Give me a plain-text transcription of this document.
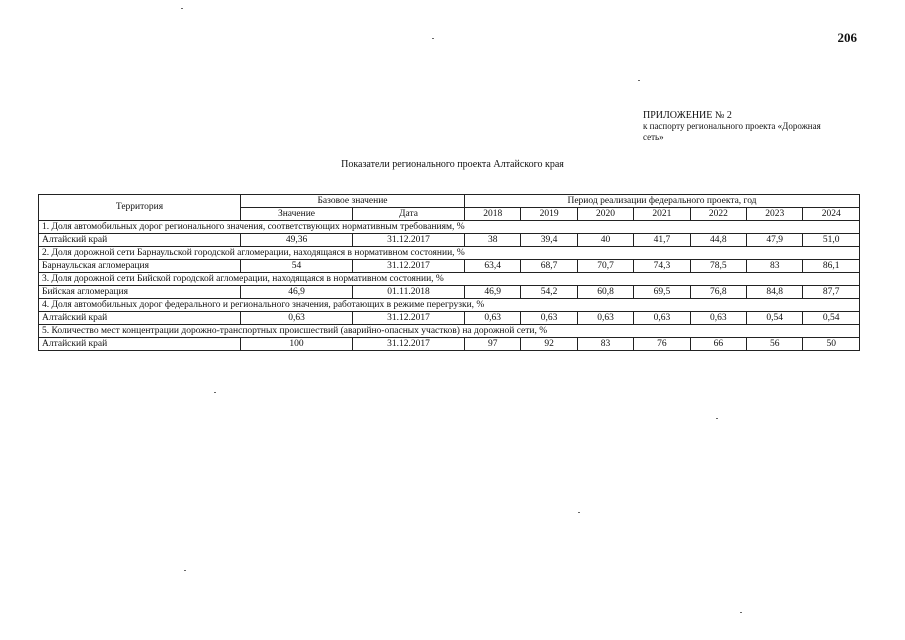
206
ПРИЛОЖЕНИЕ № 2
к паспорту регионального проекта «Дорожная
сеть»
Показатели регионального проекта Алтайского края
Территория	Базовое значение		Период реализации федерального проекта, год						
	Значение	Дата	2018	2019	2020	2021	2022	2023	2024
1. Доля автомобильных дорог регионального значения, соответствующих нормативным требованиям, %									
Алтайский край	49,36	31.12.2017	38	39,4	40	41,7	44,8	47,9	51,0
2. Доля дорожной сети Барнаульской городской агломерации, находящаяся в нормативном состоянии, %									
Барнаульская агломерация	54	31.12.2017	63,4	68,7	70,7	74,3	78,5	83	86,1
3. Доля дорожной сети Бийской городской агломерации, находящаяся в нормативном состоянии, %									
Бийская агломерация	46,9	01.11.2018	46,9	54,2	60,8	69,5	76,8	84,8	87,7
4. Доля автомобильных дорог федерального и регионального значения, работающих в режиме перегрузки, %									
Алтайский край	0,63	31.12.2017	0,63	0,63	0,63	0,63	0,63	0,54	0,54
5. Количество мест концентрации дорожно-транспортных происшествий (аварийно-опасных участков) на дорожной сети, %									
Алтайский край	100	31.12.2017	97	92	83	76	66	56	50
